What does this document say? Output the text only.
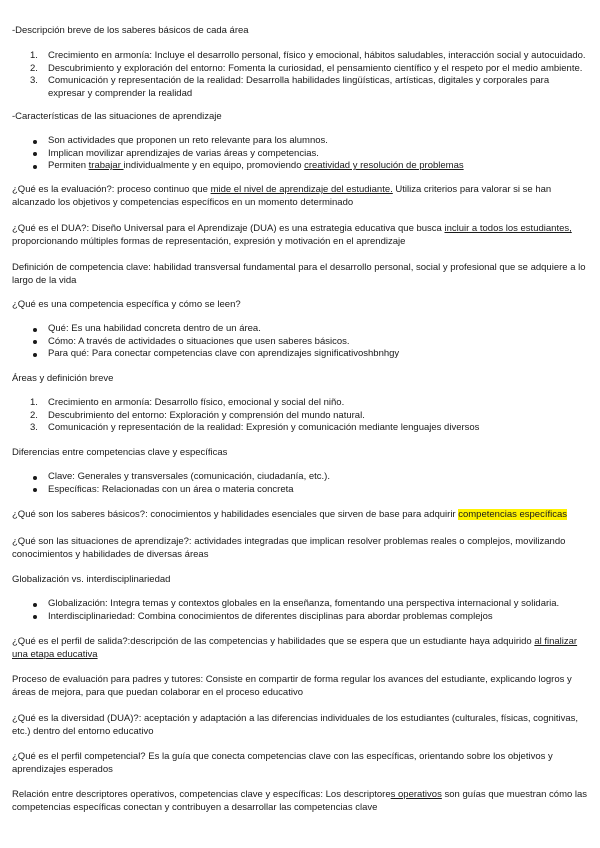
-Descripción breve de los saberes básicos de cada área

1. Crecimiento en armonía: Incluye el desarrollo personal, físico y emocional, hábitos saludables, interacción social y autocuidado.
2. Descubrimiento y exploración del entorno: Fomenta la curiosidad, el pensamiento científico y el respeto por el medio ambiente.
3. Comunicación y representación de la realidad: Desarrolla habilidades lingüísticas, artísticas, digitales y corporales para expresar y comprender la realidad

-Características de las situaciones de aprendizaje

Son actividades que proponen un reto relevante para los alumnos.
Implican movilizar aprendizajes de varias áreas y competencias.
Permiten trabajar individualmente y en equipo, promoviendo creatividad y resolución de problemas

¿Qué es la evaluación?: proceso continuo que mide el nivel de aprendizaje del estudiante. Utiliza criterios para valorar si se han alcanzado los objetivos y competencias específicos en un momento determinado

¿Qué es el DUA?: Diseño Universal para el Aprendizaje (DUA) es una estrategia educativa que busca incluir a todos los estudiantes, proporcionando múltiples formas de representación, expresión y motivación en el aprendizaje

Definición de competencia clave: habilidad transversal fundamental para el desarrollo personal, social y profesional que se adquiere a lo largo de la vida

¿Qué es una competencia específica y cómo se leen?

Qué: Es una habilidad concreta dentro de un área.
Cómo: A través de actividades o situaciones que usen saberes básicos.
Para qué: Para conectar competencias clave con aprendizajes significativoshbnhgy

Áreas y definición breve

1. Crecimiento en armonía: Desarrollo físico, emocional y social del niño.
2. Descubrimiento del entorno: Exploración y comprensión del mundo natural.
3. Comunicación y representación de la realidad: Expresión y comunicación mediante lenguajes diversos

Diferencias entre competencias clave y específicas

Clave: Generales y transversales (comunicación, ciudadanía, etc.).
Específicas: Relacionadas con un área o materia concreta

¿Qué son los saberes básicos?: conocimientos y habilidades esenciales que sirven de base para adquirir competencias específicas

¿Qué son las situaciones de aprendizaje?: actividades integradas que implican resolver problemas reales o complejos, movilizando conocimientos y habilidades de diversas áreas

Globalización vs. interdisciplinariedad

Globalización: Integra temas y contextos globales en la enseñanza, fomentando una perspectiva internacional y solidaria.
Interdisciplinariedad: Combina conocimientos de diferentes disciplinas para abordar problemas complejos

¿Qué es el perfil de salida?:descripción de las competencias y habilidades que se espera que un estudiante haya adquirido al finalizar una etapa educativa

Proceso de evaluación para padres y tutores: Consiste en compartir de forma regular los avances del estudiante, explicando logros y áreas de mejora, para que puedan colaborar en el proceso educativo

¿Qué es la diversidad (DUA)?: aceptación y adaptación a las diferencias individuales de los estudiantes (culturales, físicas, cognitivas, etc.) dentro del entorno educativo

¿Qué es el perfil competencial? Es la guía que conecta competencias clave con las específicas, orientando sobre los objetivos y aprendizajes esperados

Relación entre descriptores operativos, competencias clave y específicas: Los descriptores operativos son guías que muestran cómo las competencias específicas conectan y contribuyen a desarrollar las competencias clave
